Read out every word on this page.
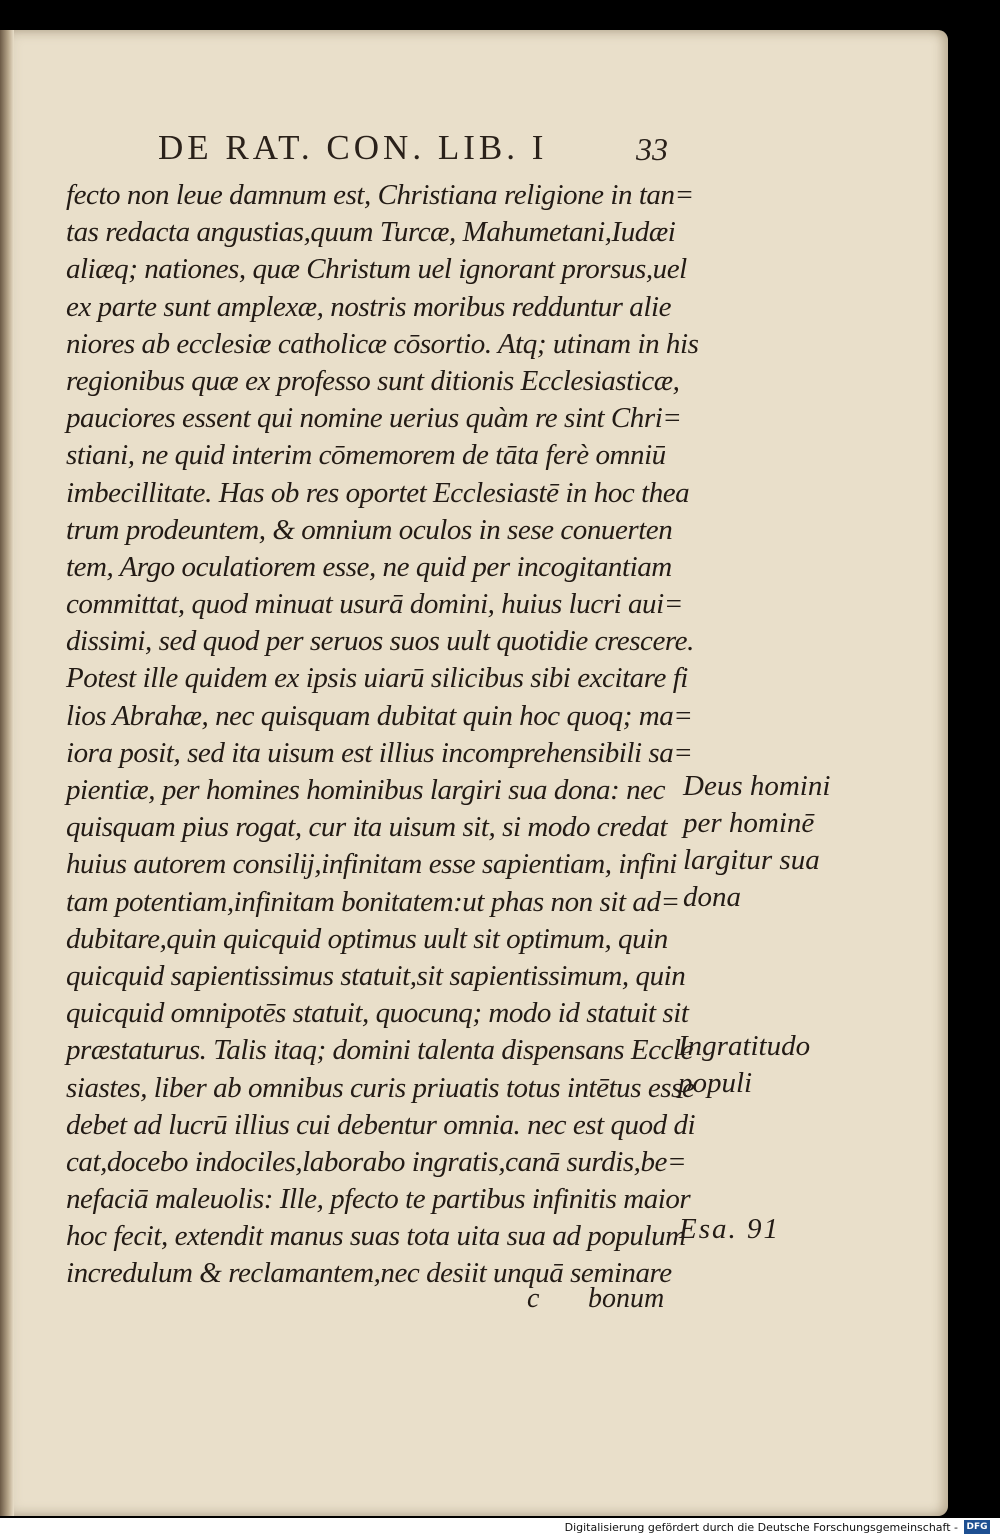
DE RAT. CON. LIB. I	33
fecto non leue damnum est, Christiana religione in tan=
tas redacta angustias,quum Turcæ, Mahumetani,Iudæi
aliæq; nationes, quæ Christum uel ignorant prorsus,uel
ex parte sunt amplexæ, nostris moribus redduntur alie
niores ab ecclesiæ catholicæ cōsortio. Atq; utinam in his
regionibus quæ ex professo sunt ditionis Ecclesiasticæ,
pauciores essent qui nomine uerius quàm re sint Chri=
stiani, ne quid interim cōmemorem de tāta ferè omniū
imbecillitate. Has ob res oportet Ecclesiastē in hoc thea
trum prodeuntem, & omnium oculos in sese conuerten
tem, Argo oculatiorem esse, ne quid per incogitantiam
committat, quod minuat usurā domini, huius lucri aui=
dissimi, sed quod per seruos suos uult quotidie crescere.
Potest ille quidem ex ipsis uiarū silicibus sibi excitare fi
lios Abrahæ, nec quisquam dubitat quin hoc quoq; ma=
iora posit, sed ita uisum est illius incomprehensibili sa=
pientiæ, per homines hominibus largiri sua dona: nec
quisquam pius rogat, cur ita uisum sit, si modo credat
huius autorem consilij,infinitam esse sapientiam, infini
tam potentiam,infinitam bonitatem:ut phas non sit ad=
dubitare,quin quicquid optimus uult sit optimum, quin
quicquid sapientissimus statuit,sit sapientissimum, quin
quicquid omnipotēs statuit, quocunq; modo id statuit sit
præstaturus. Talis itaq; domini talenta dispensans Eccle
siastes, liber ab omnibus curis priuatis totus intētus esse
debet ad lucrū illius cui debentur omnia. nec est quod di
cat,docebo indociles,laborabo ingratis,canā surdis,be=
nefaciā maleuolis: Ille, pfecto te partibus infinitis maior
hoc fecit, extendit manus suas tota uita sua ad populum
incredulum & reclamantem,nec desiit unquā seminare
Deus homini
per hominē
largitur sua
dona
Ingratitudo
populi
Esa. 91
c bonum
Digitalisierung gefördert durch die Deutsche Forschungsgemeinschaft - DFG
